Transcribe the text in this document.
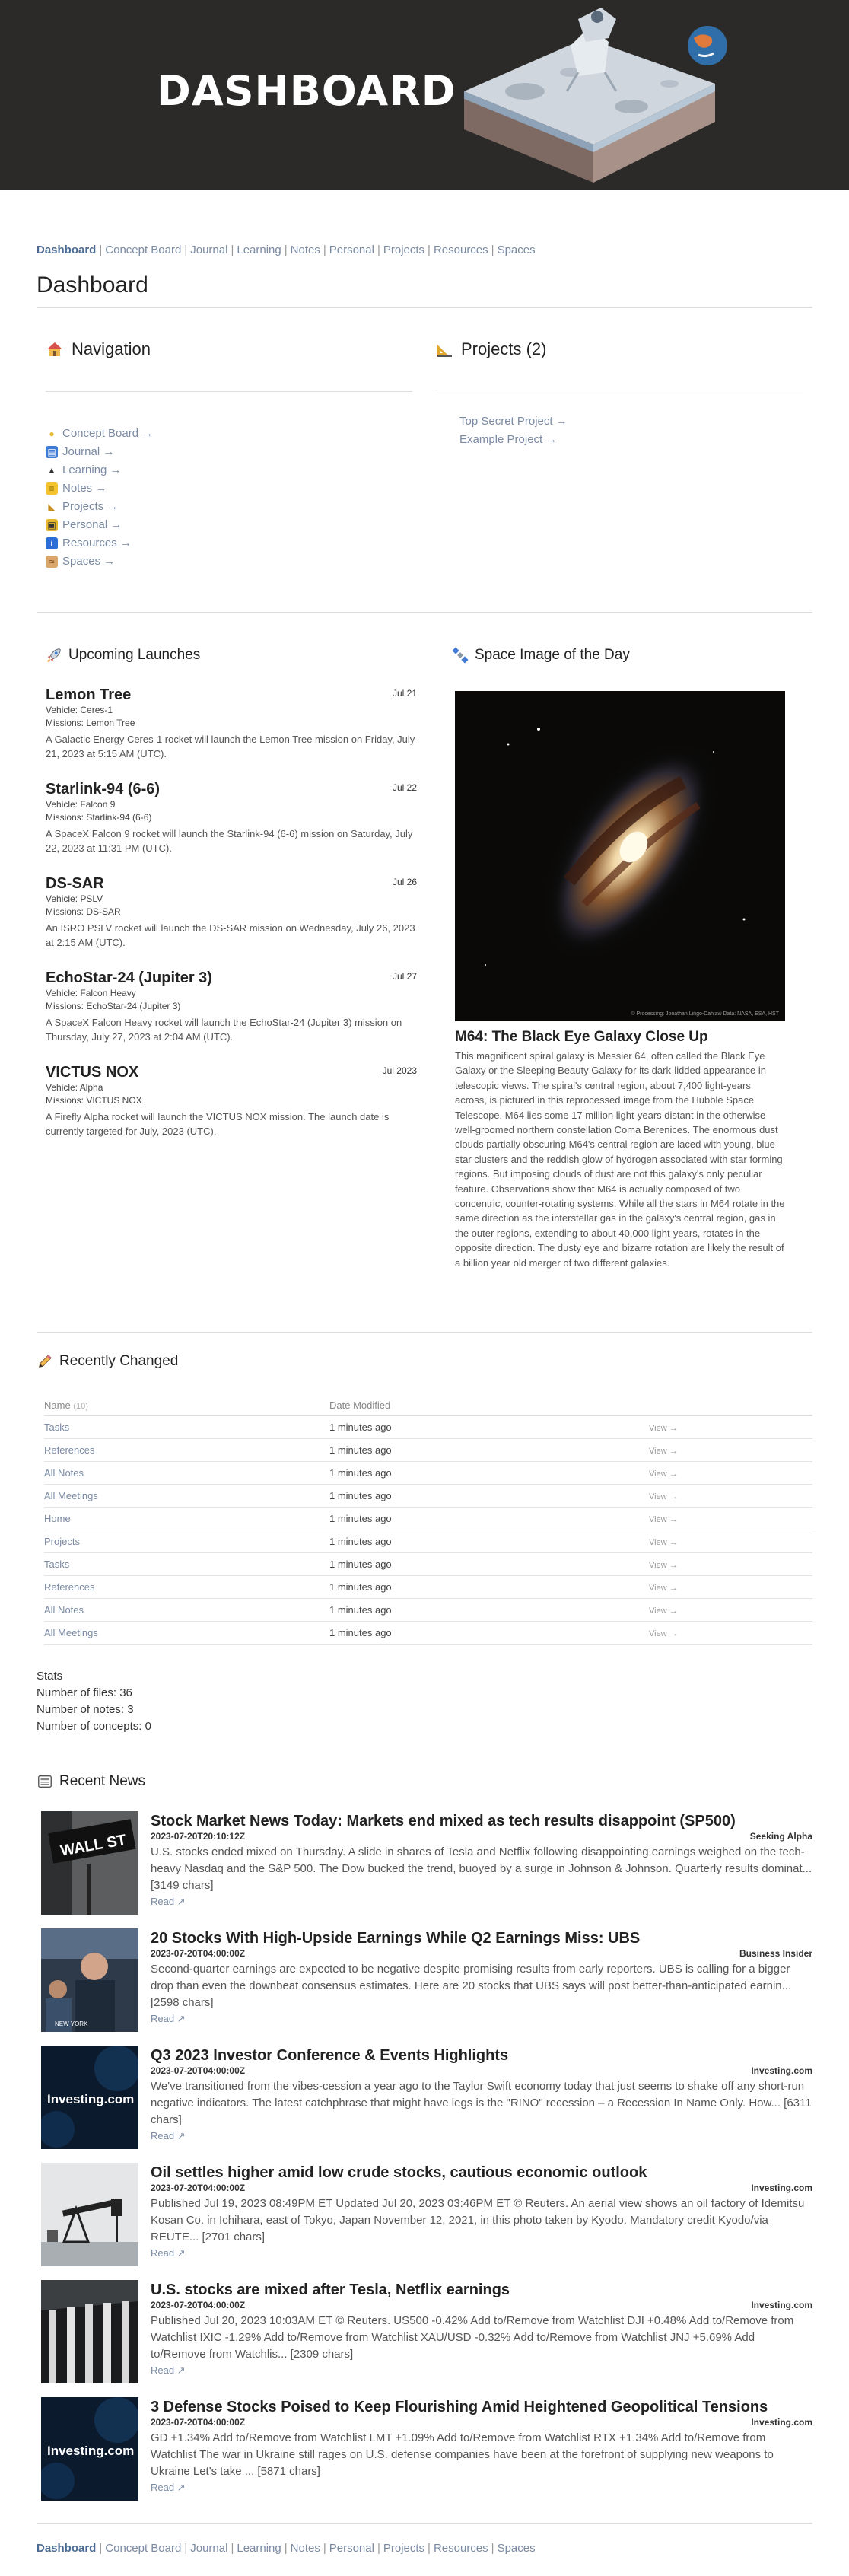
DASHBOARD
Dashboard | Concept Board | Journal | Learning | Notes | Personal | Projects | Resources | Spaces
Dashboard
Navigation
● Concept Board →
▤ Journal →
▲ Learning →
≡ Notes →
◣ Projects →
▣ Personal →
i Resources →
≈ Spaces →
Projects (2)
Top Secret Project →
Example Project →
Upcoming Launches
Lemon Tree	Jul 21
Vehicle: Ceres-1
Missions: Lemon Tree
A Galactic Energy Ceres-1 rocket will launch the Lemon Tree mission on Friday, July 21, 2023 at 5:15 AM (UTC).
Starlink-94 (6-6)	Jul 22
Vehicle: Falcon 9
Missions: Starlink-94 (6-6)
A SpaceX Falcon 9 rocket will launch the Starlink-94 (6-6) mission on Saturday, July 22, 2023 at 11:31 PM (UTC).
DS-SAR	Jul 26
Vehicle: PSLV
Missions: DS-SAR
An ISRO PSLV rocket will launch the DS-SAR mission on Wednesday, July 26, 2023 at 2:15 AM (UTC).
EchoStar-24 (Jupiter 3)	Jul 27
Vehicle: Falcon Heavy
Missions: EchoStar-24 (Jupiter 3)
A SpaceX Falcon Heavy rocket will launch the EchoStar-24 (Jupiter 3) mission on Thursday, July 27, 2023 at 2:04 AM (UTC).
VICTUS NOX	Jul 2023
Vehicle: Alpha
Missions: VICTUS NOX
A Firefly Alpha rocket will launch the VICTUS NOX mission. The launch date is currently targeted for July, 2023 (UTC).
Space Image of the Day
© Processing: Jonathan Lingo-Dahlaw Data: NASA, ESA, HST
M64: The Black Eye Galaxy Close Up
This magnificent spiral galaxy is Messier 64, often called the Black Eye Galaxy or the Sleeping Beauty Galaxy for its dark-lidded appearance in telescopic views. The spiral's central region, about 7,400 light-years across, is pictured in this reprocessed image from the Hubble Space Telescope. M64 lies some 17 million light-years distant in the otherwise well-groomed northern constellation Coma Berenices. The enormous dust clouds partially obscuring M64's central region are laced with young, blue star clusters and the reddish glow of hydrogen associated with star forming regions. But imposing clouds of dust are not this galaxy's only peculiar feature. Observations show that M64 is actually composed of two concentric, counter-rotating systems. While all the stars in M64 rotate in the same direction as the interstellar gas in the galaxy's central region, gas in the outer regions, extending to about 40,000 light-years, rotates in the opposite direction. The dusty eye and bizarre rotation are likely the result of a billion year old merger of two different galaxies.
Recently Changed
Name (10)	Date Modified	
Tasks	1 minutes ago	View →
References	1 minutes ago	View →
All Notes	1 minutes ago	View →
All Meetings	1 minutes ago	View →
Home	1 minutes ago	View →
Projects	1 minutes ago	View →
Tasks	1 minutes ago	View →
References	1 minutes ago	View →
All Notes	1 minutes ago	View →
All Meetings	1 minutes ago	View →
Stats
Number of files: 36
Number of notes: 3
Number of concepts: 0
Recent News
WALL ST
Stock Market News Today: Markets end mixed as tech results disappoint (SP500)
2023-07-20T20:10:12Z	Seeking Alpha
U.S. stocks ended mixed on Thursday. A slide in shares of Tesla and Netflix following disappointing earnings weighed on the tech-heavy Nasdaq and the S&P 500. The Dow bucked the trend, buoyed by a surge in Johnson & Johnson. Quarterly results dominat... [3149 chars]
Read ↗
NEW YORK
20 Stocks With High-Upside Earnings While Q2 Earnings Miss: UBS
2023-07-20T04:00:00Z	Business Insider
Second-quarter earnings are expected to be negative despite promising results from early reporters. UBS is calling for a bigger drop than even the downbeat consensus estimates. Here are 20 stocks that UBS says will post better-than-anticipated earnin... [2598 chars]
Read ↗
Investing.com
Q3 2023 Investor Conference & Events Highlights
2023-07-20T04:00:00Z	Investing.com
We've transitioned from the vibes-cession a year ago to the Taylor Swift economy today that just seems to shake off any short-run negative indicators. The latest catchphrase that might have legs is the "RINO" recession – a Recession In Name Only. How... [6311 chars]
Read ↗
Oil settles higher amid low crude stocks, cautious economic outlook
2023-07-20T04:00:00Z	Investing.com
Published Jul 19, 2023 08:49PM ET Updated Jul 20, 2023 03:46PM ET © Reuters. An aerial view shows an oil factory of Idemitsu Kosan Co. in Ichihara, east of Tokyo, Japan November 12, 2021, in this photo taken by Kyodo. Mandatory credit Kyodo/via REUTE... [2701 chars]
Read ↗
U.S. stocks are mixed after Tesla, Netflix earnings
2023-07-20T04:00:00Z	Investing.com
Published Jul 20, 2023 10:03AM ET © Reuters. US500 -0.42% Add to/Remove from Watchlist DJI +0.48% Add to/Remove from Watchlist IXIC -1.29% Add to/Remove from Watchlist XAU/USD -0.32% Add to/Remove from Watchlist JNJ +5.69% Add to/Remove from Watchlis... [2309 chars]
Read ↗
Investing.com
3 Defense Stocks Poised to Keep Flourishing Amid Heightened Geopolitical Tensions
2023-07-20T04:00:00Z	Investing.com
GD +1.34% Add to/Remove from Watchlist LMT +1.09% Add to/Remove from Watchlist RTX +1.34% Add to/Remove from Watchlist The war in Ukraine still rages on U.S. defense companies have been at the forefront of supplying new weapons to Ukraine Let's take ... [5871 chars]
Read ↗
Dashboard | Concept Board | Journal | Learning | Notes | Personal | Projects | Resources | Spaces
